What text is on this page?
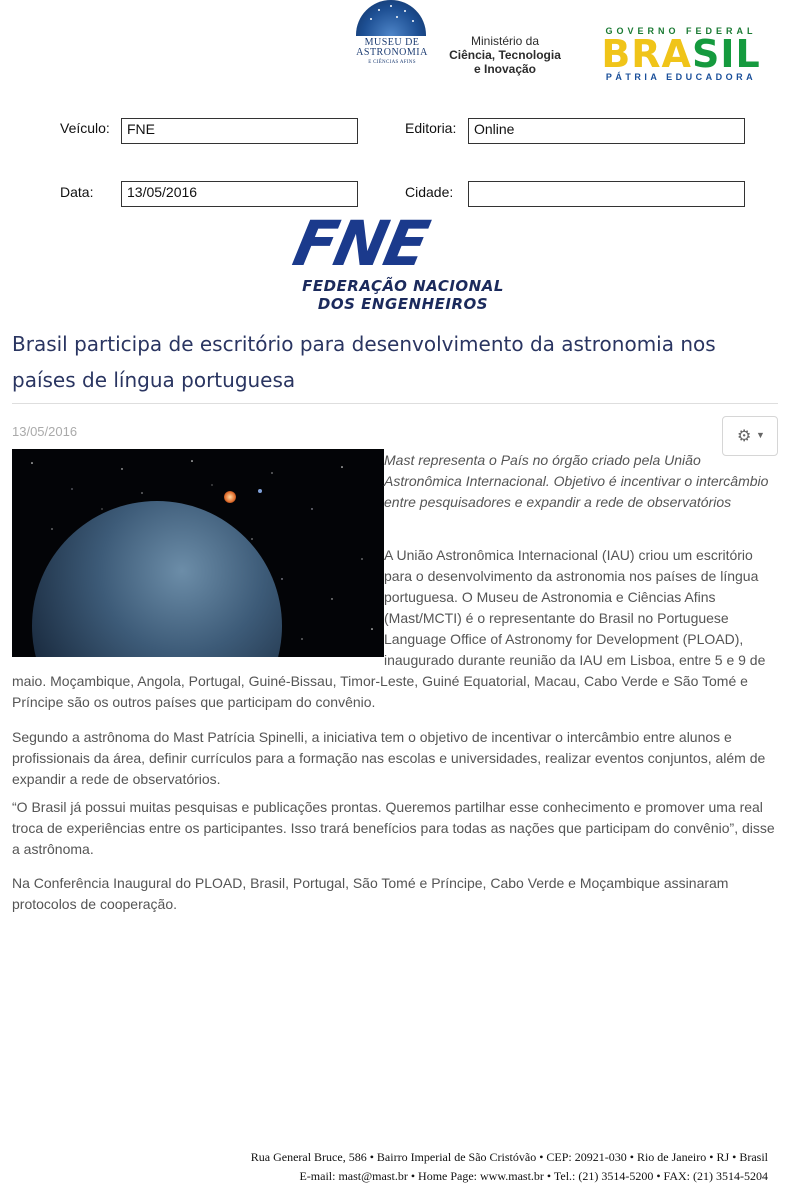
MUSEU DE
ASTRONOMIA
E CIÊNCIAS AFINS
Ministério da
Ciência, Tecnologia
e Inovação
GOVERNO FEDERAL
BRASIL
PÁTRIA EDUCADORA
Veículo:	FNE	Editoria:	Online
Data:	13/05/2016	Cidade:
FNE
FEDERAÇÃO NACIONAL
DOS ENGENHEIROS
Brasil participa de escritório para desenvolvimento da astronomia nos países de língua portuguesa
13/05/2016	⚙ ▼

Mast representa o País no órgão criado pela União Astronômica Internacional. Objetivo é incentivar o intercâmbio entre pesquisadores e expandir a rede de observatórios

A União Astronômica Internacional (IAU) criou um escritório para o desenvolvimento da astronomia nos países de língua portuguesa. O Museu de Astronomia e Ciências Afins (Mast/MCTI) é o representante do Brasil no Portuguese Language Office of Astronomy for Development (PLOAD), inaugurado durante reunião da IAU em Lisboa, entre 5 e 9 de maio. Moçambique, Angola, Portugal, Guiné-Bissau, Timor-Leste, Guiné Equatorial, Macau, Cabo Verde e São Tomé e Príncipe são os outros países que participam do convênio.

Segundo a astrônoma do Mast Patrícia Spinelli, a iniciativa tem o objetivo de incentivar o intercâmbio entre alunos e profissionais da área, definir currículos para a formação nas escolas e universidades, realizar eventos conjuntos, além de expandir a rede de observatórios.

“O Brasil já possui muitas pesquisas e publicações prontas. Queremos partilhar esse conhecimento e promover uma real troca de experiências entre os participantes. Isso trará benefícios para todas as nações que participam do convênio”, disse a astrônoma.

Na Conferência Inaugural do PLOAD, Brasil, Portugal, São Tomé e Príncipe, Cabo Verde e Moçambique assinaram protocolos de cooperação.

Rua General Bruce, 586 • Bairro Imperial de São Cristóvão • CEP: 20921-030 • Rio de Janeiro • RJ • Brasil
E-mail: mast@mast.br • Home Page: www.mast.br • Tel.: (21) 3514-5200 • FAX: (21) 3514-5204
